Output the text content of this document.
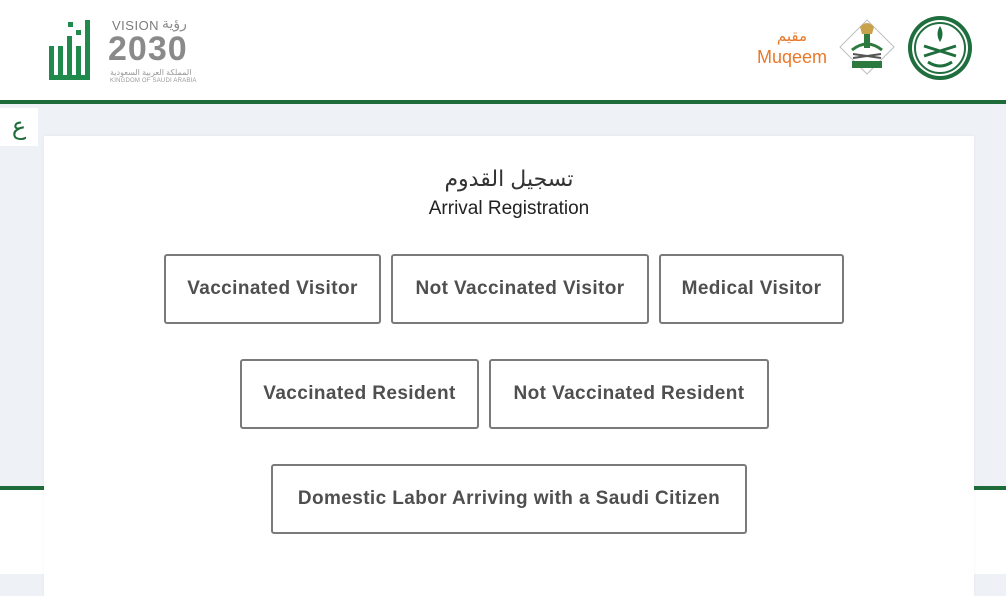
VISION رؤية
2030
المملكة العربية السعودية
KINGDOM OF SAUDI ARABIA
مقيم
Muqeem
ع
تسجيل القدوم
Arrival Registration
Vaccinated Visitor	Not Vaccinated Visitor	Medical Visitor
Vaccinated Resident	Not Vaccinated Resident
Domestic Labor Arriving with a Saudi Citizen
